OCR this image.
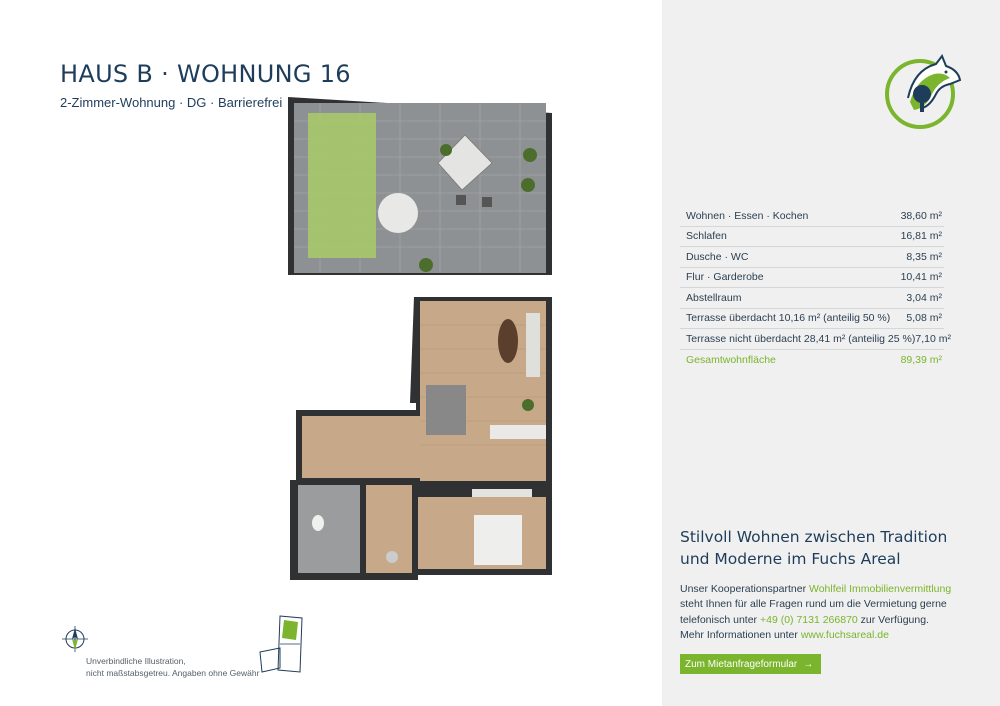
HAUS B · WOHNUNG 16
2-Zimmer-Wohnung · DG · Barrierefrei
Unverbindliche Illustration,
nicht maßstabsgetreu. Angaben ohne Gewähr
Wohnen · Essen · Kochen	38,60 m²
Schlafen	16,81 m²
Dusche · WC	8,35 m²
Flur · Garderobe	10,41 m²
Abstellraum	3,04 m²
Terrasse überdacht 10,16 m² (anteilig 50 %) 5,08 m²
Terrasse nicht überdacht 28,41 m² (anteilig 25 %) 7,10 m²
Gesamtwohnfläche	89,39 m²
Stilvoll Wohnen zwischen Tradition
und Moderne im Fuchs Areal
Unser Kooperationspartner Wohlfeil Immobilienvermittlung
steht Ihnen für alle Fragen rund um die Vermietung gerne
telefonisch unter +49 (0) 7131 266870 zur Verfügung.
Mehr Informationen unter www.fuchsareal.de
Zum Mietanfrageformular →
